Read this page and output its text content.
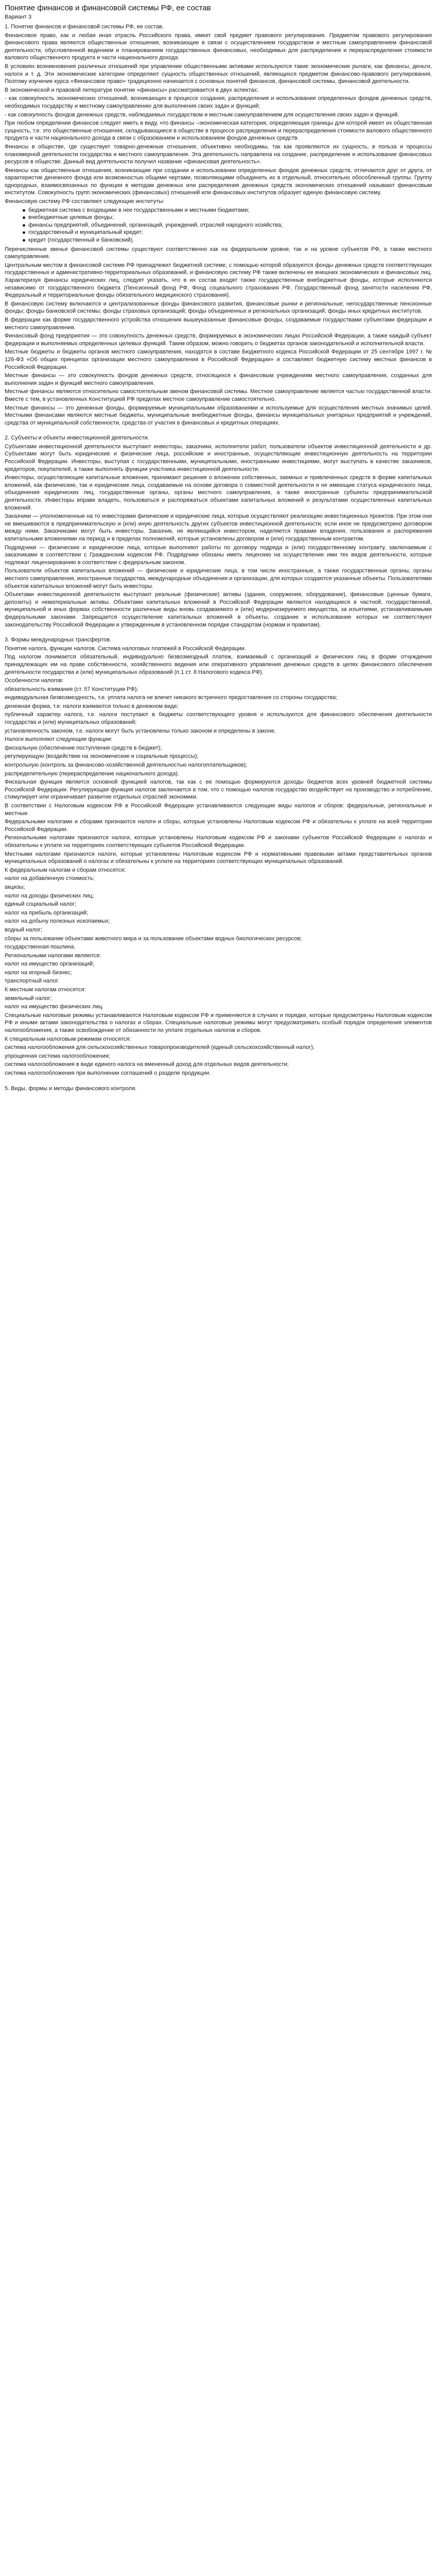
Понятие финансов и финансовой системы РФ, ее состав
Вариант 3

1. Понятие финансов и финансовой системы РФ, ее состав.

Финансовое право, как и любая иная отрасль Российского права, имеет свой предмет правового регулирования. Предметом правового регулирования финансового права являются общественные отношения, возникающие в связи с осуществлением государством и местным самоуправлением финансовой деятельности, обусловленной ведением и планированием государственных финансовых, необходимых для распределения и перераспределения стоимости валового общественного продукта и части национального дохода.

В условиях возникновения различных отношений при управлении общественными активами используются такие экономические рычаги, как финансы, деньги, налоги и т. д. Эти экономические категории определяют сущность общественных отношений, являющихся предметом финансово-правового регулирования. Поэтому изучение курса «Финансовое право» традиционно начинается с основных понятий финансов, финансовой системы, финансовой деятельности.

В экономической и правовой литературе понятие «финансы» рассматривается в двух аспектах:

- как совокупность экономических отношений, возникающих в процессе создания, распределения и использования определенных фондов денежных средств, необходимых государству и местному самоуправлению для выполнения своих задач и функций;

- как совокупность фондов денежных средств, наблюдаемых государством и местным самоуправлением для осуществления своих задач и функций.

При любом определении финансов следует иметь в виду, что финансы –экономическая категория, определяющая границы для которой имеет их общественная сущность, т.е. это общественные отношения, складывающиеся в обществе в процессе распределения и перераспределения стоимости валового общественного продукта и части национального дохода в связи с образованием и использованием фондов денежных средств.

Финансы в обществе, где существует товарно-денежные отношения, объективно необходимы, так как проявляются их сущность, в польза и процессы планомерной деятельности государства и местного самоуправления. Эта деятельность направлена на создание, распределение и использование финансовых ресурсов в обществе. Данный вид деятельности получил название «финансовая деятельность».

Финансы как общественные отношения, возникающие при создании и использовании определенных фондов денежных средств, отличаются друг от друга, от характеристик денежного фонда или возможностью общими чертами, позволяющими объединить их в отдельный, относительно обособленный группы. Группу однородных, взаимосвязанных по функции в методам денежных или распределения денежных средств экономических отношений называют финансовым институтом. Совокупность групп экономических (финансовых) отношений или финансовых институтов образует единую финансовую систему.

Финансовую систему РФ составляют следующие институты:

бюджетная система с входящими в нее государственными и местными бюджетами;
внебюджетные целевые фонды;
финансы предприятий, объединений, организаций, учреждений, отраслей народного хозяйства;
государственный и муниципальный кредит;
кредит (государственный и банковский).

Перечисленные звенья финансовой системы существуют соответственно как на федеральном уровне, так и на уровне субъектов РФ, а также местного самоуправления.

Центральным местом в финансовой системе РФ принадлежит бюджетной системе, с помощью которой образуются фонды денежных средств соответствующих государственных и административно-территориальных образований, и финансовую систему РФ также включены ее внешних экономических и финансовых лиц. Характеризуя финансы юридических лиц, следует указать, что в их состав входят также государственные внебюджетные фонды, которые исполняются независимо от государственного бюджета (Пенсионный фонд РФ, Фонд социального страхования РФ, Государственный фонд занятости населения РФ, Федеральный и территориальные фонды обязательного медицинского страхования).

В финансовую систему включаются и централизованные фонды финансового развития, финансовые рынки и региональные; негосударственные пенсионные фонды; фонды банковской системы; фонды страховых организаций; фонды объединенных и региональных организаций; фонды иных кредитных институтов.

В федерации как форме государственного устройства отношения вышеуказанные финансовые фонды, создаваемые государствами субъектами федерации и местного самоуправления.

Финансовый фонд предприятия — это совокупность денежных средств, формируемых в экономических лицах Российской Федерации, а также каждый субъект федерации и выполняемых определенных целевых функций. Таким образом, можно говорить о бюджетах органов законодательной и исполнительной власти.

Местные бюджеты и бюджеты органов местного самоуправления, находятся в составе Бюджетного кодекса Российской Федерации от 25 сентября 1997 г. № 126-ФЗ «Об общих принципах организации местного самоуправления в Российской Федерации» и составляют бюджетную систему местных финансов в Российской Федерации.

Местные финансы — это совокупность фондов денежных средств, относящихся к финансовым учреждениям местного самоуправления, созданных для выполнения задач и функций местного самоуправления.

Местные финансы являются относительно самостоятельным звеном финансовой системы. Местное самоуправление является частью государственной власти. Вместе с тем, в установленных Конституцией РФ пределах местное самоуправление самостоятельно.

Местные финансы — это денежные фонды, формируемые муниципальными образованиями и используемые для осуществления местных значимых целей. Местными финансами являются местные бюджеты, муниципальные внебюджетные фонды, финансы муниципальных унитарных предприятий и учреждений, средства от муниципальной собственности, средства от участия в финансовых и кредитных операциях.

2. Субъекты и объекты инвестиционной деятельности.

Субъектами инвестиционной деятельности выступают инвесторы, заказчики, исполнители работ, пользователи объектов инвестиционной деятельности и др. Субъектами могут быть юридические и физические лица, российские и иностранные, осуществляющие инвестиционную деятельность на территории Российской Федерации. Инвесторы, выступая с государственными, муниципальными, иностранными инвестициями, могут выступать в качестве заказчиков, кредиторов, покупателей, а также выполнять функции участника инвестиционной деятельности.

Инвесторы, осуществляющие капитальные вложения, принимают решения о вложении собственных, заемных и привлеченных средств в форме капитальных вложений, как физические, так и юридические лица, создаваемые на основе договора о совместной деятельности и не имеющие статуса юридического лица, объединения юридических лиц, государственные органы, органы местного самоуправления, а также иностранные субъекты предпринимательской деятельности. Инвесторы вправе владеть, пользоваться и распоряжаться объектами капитальных вложений и результатами осуществленных капитальных вложений.

Заказчики — уполномоченные на то инвесторами физические и юридические лица, которые осуществляют реализацию инвестиционных проектов. При этом они не вмешиваются в предпринимательскую и (или) иную деятельность других субъектов инвестиционной деятельности, если иное не предусмотрено договором между ними. Заказчиками могут быть инвесторы. Заказчик, не являющийся инвестором, наделяется правами владения, пользования и распоряжения капитальными вложениями на период и в пределах полномочий, которые установлены договором и (или) государственным контрактом.

Подрядчики — физические и юридические лица, которые выполняют работы по договору подряда и (или) государственному контракту, заключаемым с заказчиками в соответствии с Гражданским кодексом РФ. Подрядчики обязаны иметь лицензию на осуществление ими тех видов деятельности, которые подлежат лицензированию в соответствии с федеральным законом.

Пользователи объектов капитальных вложений — физические и юридические лица, в том числе иностранные, а также государственные органы, органы местного самоуправления, иностранные государства, международные объединения и организации, для которых создаются указанные объекты. Пользователями объектов капитальных вложений могут быть инвесторы.

Объектами инвестиционной деятельности выступают реальные (физические) активы (здания, сооружения, оборудование), финансовые (ценные бумаги, депозиты) и нематериальные активы. Объектами капитальных вложений в Российской Федерации являются находящиеся в частной, государственной, муниципальной и иных формах собственности различные виды вновь создаваемого и (или) модернизируемого имущества, за изъятиями, устанавливаемыми федеральными законами. Запрещается осуществление капитальных вложений в объекты, создание и использование которых не соответствуют законодательству Российской Федерации и утвержденным в установленном порядке стандартам (нормам и правилам).

3. Формы международных трансфертов.

Понятие налога, функции налогов. Система налоговых платежей в Российской Федерации.

Под налогом понимается обязательный, индивидуально безвозмездный платеж, взимаемый с организаций и физических лиц в форме отчуждения принадлежащих им на праве собственности, хозяйственного ведения или оперативного управления денежных средств в целях финансового обеспечения деятельности государства и (или) муниципальных образований (п.1 ст. 8 Налогового кодекса РФ).

Особенности налогов:

обязательность взимания (ст. 57 Конституции РФ);

индивидуальная безвозмездность, т.е. уплата налога не влечет никакого встречного предоставления со стороны государства;

денежная форма, т.е. налоги взимаются только в денежном виде;

публичный характер налога, т.е. налоги поступают в бюджеты соответствующего уровня и используются для финансового обеспечения деятельности государства и (или) муниципальных образований;

установленность законом, т.е. налоги могут быть установлены только законом и определены в законе.

Налоги выполняют следующие функции:

фискальную (обеспечение поступления средств в бюджет);

регулирующую (воздействие на экономические и социальные процессы);

контрольную (контроль за финансово-хозяйственной деятельностью налогоплательщиков);

распределительную (перераспределение национального дохода).

Фискальная функция является основной функцией налогов, так как с ее помощью формируются доходы бюджетов всех уровней бюджетной системы Российской Федерации. Регулирующая функция налогов заключается в том, что с помощью налогов государство воздействует на производство и потребление, стимулирует или ограничивает развитие отдельных отраслей экономики.

В соответствии с Налоговым кодексом РФ в Российской Федерации устанавливаются следующие виды налогов и сборов: федеральные, региональные и местные.

Федеральными налогами и сборами признаются налоги и сборы, которые установлены Налоговым кодексом РФ и обязательны к уплате на всей территории Российской Федерации.

Региональными налогами признаются налоги, которые установлены Налоговым кодексом РФ и законами субъектов Российской Федерации о налогах и обязательны к уплате на территориях соответствующих субъектов Российской Федерации.

Местными налогами признаются налоги, которые установлены Налоговым кодексом РФ и нормативными правовыми актами представительных органов муниципальных образований о налогах и обязательны к уплате на территориях соответствующих муниципальных образований.

К федеральным налогам и сборам относятся:

налог на добавленную стоимость;

акцизы;

налог на доходы физических лиц;

единый социальный налог;

налог на прибыль организаций;

налог на добычу полезных ископаемых;

водный налог;

сборы за пользование объектами животного мира и за пользование объектами водных биологических ресурсов;

государственная пошлина.

Региональными налогами являются:

налог на имущество организаций;

налог на игорный бизнес;

транспортный налог.

К местным налогам относятся:

земельный налог;

налог на имущество физических лиц.

Специальные налоговые режимы устанавливаются Налоговым кодексом РФ и применяются в случаях и порядке, которые предусмотрены Налоговым кодексом РФ и иными актами законодательства о налогах и сборах. Специальные налоговые режимы могут предусматривать особый порядок определения элементов налогообложения, а также освобождение от обязанности по уплате отдельных налогов и сборов.

К специальным налоговым режимам относятся:

система налогообложения для сельскохозяйственных товаропроизводителей (единый сельскохозяйственный налог);

упрощенная система налогообложения;

система налогообложения в виде единого налога на вмененный доход для отдельных видов деятельности;

система налогообложения при выполнении соглашений о разделе продукции.

5. Виды, формы и методы финансового контроля.
